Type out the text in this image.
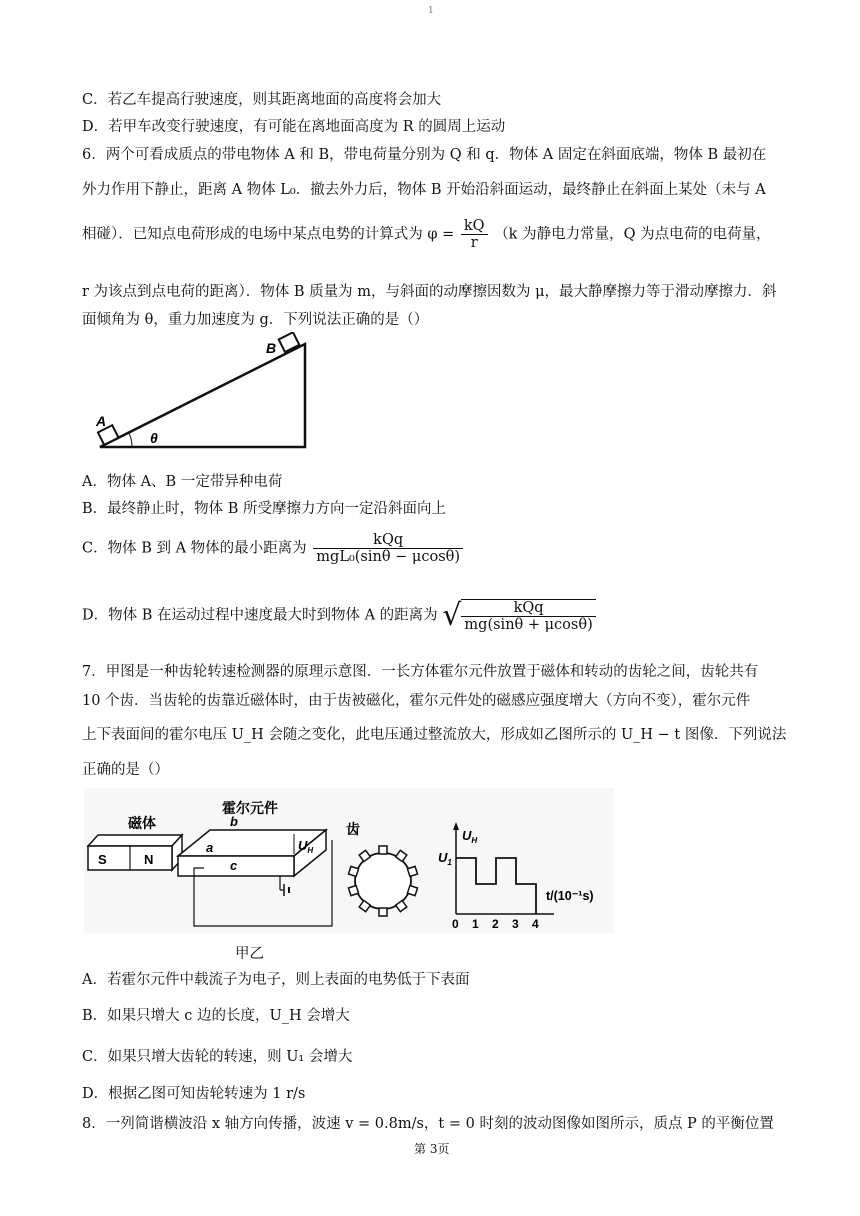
1
C．若乙车提高行驶速度，则其距离地面的高度将会加大
D．若甲车改变行驶速度，有可能在离地面高度为 R 的圆周上运动
6．两个可看成质点的带电物体 A 和 B，带电荷量分别为 Q 和 q．物体 A 固定在斜面底端，物体 B 最初在
外力作用下静止，距离 A 物体 L₀．撤去外力后，物体 B 开始沿斜面运动，最终静止在斜面上某处（未与 A
相碰）．已知点电荷形成的电场中某点电势的计算式为 $\varphi = \frac{kQ}{r} (k$ 为静电力常量，Q 为点电荷的电荷量，
r 为该点到点电荷的距离）．物体 B 质量为 m，与斜面的动摩擦因数为 μ，最大静摩擦力等于滑动摩擦力．斜
面倾角为 θ，重力加速度为 g．下列说法正确的是（）
A
B
θ
A．物体 A、B 一定带异种电荷
B．最终静止时，物体 B 所受摩擦力方向一定沿斜面向上
C．物体 B 到 A 物体的最小距离为 $\frac{\text{kQq}}{\text{mgL₀(sinθ − μcosθ)}}$
D．物体 B 在运动过程中速度最大时到物体 A 的距离为 √ $\frac{\text{kQq}}{mg(\sin\theta + \mu\cos\theta)}$
7．甲图是一种齿轮转速检测器的原理示意图．一长方体霍尔元件放置于磁体和转动的齿轮之间，齿轮共有
10 个齿．当齿轮的齿靠近磁体时，由于齿被磁化，霍尔元件处的磁感应强度增大（方向不变），霍尔元件
上下表面间的霍尔电压 U_H 会随之变化，此电压通过整流放大，形成如乙图所示的 U_H − t 图像．下列说法
正确的是（）
磁体
S	N
霍尔元件
b
a
c
$U_H$
齿	$U_H$
$U_1$
t/(10⁻¹s)
0 1 2 3 4
甲乙
A．若霍尔元件中载流子为电子，则上表面的电势低于下表面
B．如果只增大 c 边的长度，U_H 会增大
C．如果只增大齿轮的转速，则 U₁ 会增大
D．根据乙图可知齿轮转速为 1 r/s
8．一列简谐横波沿 x 轴方向传播，波速 v = 0.8m/s，t = 0 时刻的波动图像如图所示，质点 P 的平衡位置
第 3页
